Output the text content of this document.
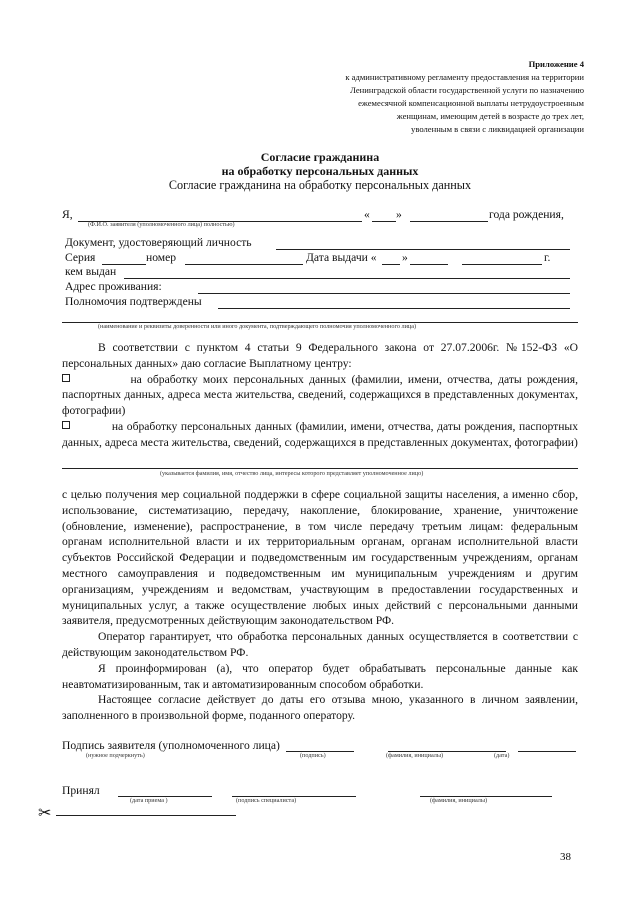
Приложение 4
к административному регламенту предоставления на территории
Ленинградской области государственной услуги по назначению
ежемесячной компенсационной выплаты нетрудоустроенным
женщинам, имеющим детей в возрасте до трех лет,
уволенным в связи с ликвидацией организации
Согласие гражданина
на обработку персональных данных
Согласие гражданина на обработку персональных данных
Я,	« »	года рождения,
(Ф.И.О. заявителя (уполномоченного лица) полностью)
Документ, удостоверяющий личность
Серия	номер	Дата выдачи « »	г.
кем выдан
Адрес проживания:
Полномочия подтверждены
(наименование и реквизиты доверенности или иного документа, подтверждающего полномочия уполномоченного лица)

В соответствии с пунктом 4 статьи 9 Федерального закона от 27.07.2006г. №152-ФЗ «О персональных данных» даю согласие Выплатному центру:

на обработку моих персональных данных (фамилии, имени, отчества, даты рождения, паспортных данных, адреса места жительства, сведений, содержащихся в представленных документах, фотографии)

на обработку персональных данных (фамилии, имени, отчества, даты рождения, паспортных данных, адреса места жительства, сведений, содержащихся в представленных документах, фотографии)

(указывается фамилия, имя, отчество лица, интересы которого представляет уполномоченное лицо)

с целью получения мер социальной поддержки в сфере социальной защиты населения, а именно сбор, использование, систематизацию, передачу, накопление, блокирование, хранение, уничтожение (обновление, изменение), распространение, в том числе передачу третьим лицам: федеральным органам исполнительной власти и их территориальным органам, органам исполнительной власти субъектов Российской Федерации и подведомственным им государственным учреждениям, органам местного самоуправления и подведомственным им муниципальным учреждениям и другим организациям, учреждениям и ведомствам, участвующим в предоставлении государственных и муниципальных услуг, а также осуществление любых иных действий с персональными данными заявителя, предусмотренных действующим законодательством РФ.

Оператор гарантирует, что обработка персональных данных осуществляется в соответствии с действующим законодательством РФ.

Я проинформирован (а), что оператор будет обрабатывать персональные данные как неавтоматизированным, так и автоматизированным способом обработки.

Настоящее согласие действует до даты его отзыва мною, указанного в личном заявлении, заполненного в произвольной форме, поданного оператору.

Подпись заявителя (уполномоченного лица)
(нужное подчеркнуть)	(подпись)	(фамилия, инициалы)	(дата)
Принял
(дата приема )	(подпись специалиста)	(фамилия, инициалы)
✂
38
